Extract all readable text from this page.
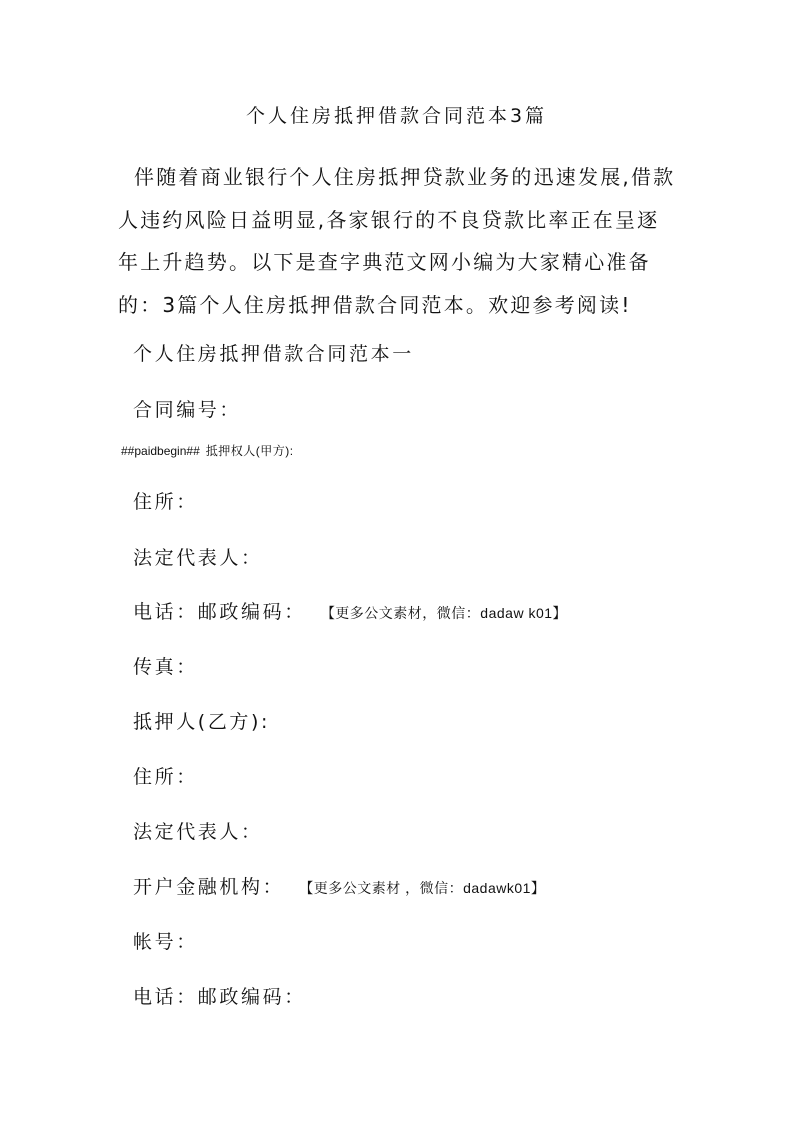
个人住房抵押借款合同范本3篇

伴随着商业银行个人住房抵押贷款业务的迅速发展,借款人违约风险日益明显,各家银行的不良贷款比率正在呈逐年上升趋势。以下是查字典范文网小编为大家精心准备的：3篇个人住房抵押借款合同范本。欢迎参考阅读!

个人住房抵押借款合同范本一
合同编号：
##paidbegin## 抵押权人(甲方):
住所：
法定代表人：
电话：邮政编码： 【更多公文素材，微信：dadaw k01】
传真：
抵押人(乙方):
住所：
法定代表人：
开户金融机构： 【更多公文素材 ，微信：dadawk01】
帐号：
电话：邮政编码：
